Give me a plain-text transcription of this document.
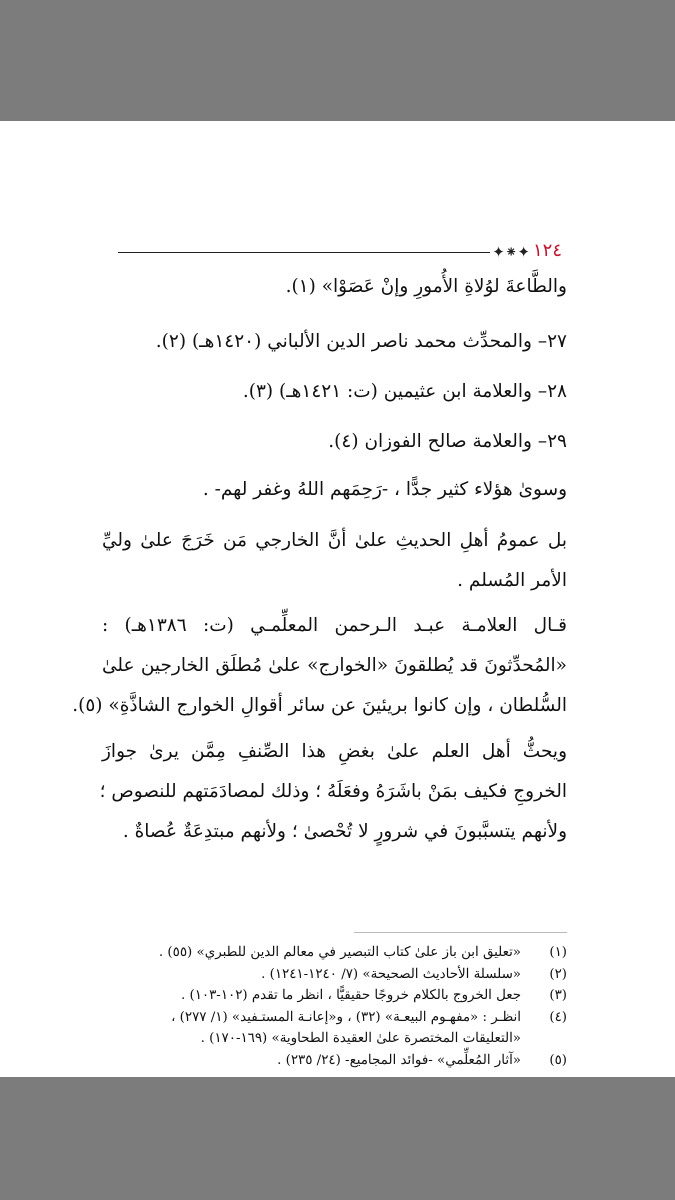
✦⁕✦ ١٢٤
والطَّاعةَ لوُلاةِ الأُمورِ وإنْ عَصَوْا» (١).
٢٧– والمحدِّث محمد ناصر الدين الألباني (١٤٢٠هـ) (٢).
٢٨– والعلامة ابن عثيمين (ت: ١٤٢١هـ) (٣).
٢٩– والعلامة صالح الفوزان (٤).
وسوىٰ هؤلاء كثير جدًّا ، -رَحِمَهم اللهُ وغفر لهم- .
بل عمومُ أهلِ الحديثِ علىٰ أنَّ الخارجي مَن خَرَجَ علىٰ وليِّ
الأمر المُسلم .
قـال العلامـة عبـد الـرحمن المعلِّمـي (ت: ١٣٨٦هـ) :
«المُحدِّثونَ قد يُطلقونَ «الخوارج» علىٰ مُطلَق الخارجين علىٰ
السُّلطان ، وإن كانوا بريئينَ عن سائر أقوالِ الخوارج الشاذَّةِ» (٥).
ويحثُّ أهل العلم علىٰ بغضِ هذا الصِّنفِ مِمَّن يرىٰ جوازَ
الخروجِ فكيف بمَنْ باشَرَهُ وفعَلَهُ ؛ وذلك لمصادَمَتهم للنصوص ؛
ولأنهم يتسبَّبونَ في شرورٍ لا تُحْصىٰ ؛ ولأنهم مبتدِعَةٌ عُصاةٌ .
(١)
«تعليق ابن باز علىٰ كتاب التبصير في معالم الدين للطبري» (٥٥) .
(٢)
«سلسلة الأحاديث الصحيحة» (٧/ ١٢٤٠-١٢٤١) .
(٣)
جعل الخروج بالكلام خروجًا حقيقيًّا ، انظر ما تقدم (١٠٢-١٠٣) .
(٤)
انظـر : «مفهـوم البيعـة» (٣٢) ، و«إعانـة المستـفيد» (١/ ٢٧٧) ،
«التعليقات المختصرة علىٰ العقيدة الطحاوية» (١٦٩-١٧٠) .
(٥)
«آثار المُعلِّمي» -فوائد المجاميع- (٢٤/ ٢٣٥) .
